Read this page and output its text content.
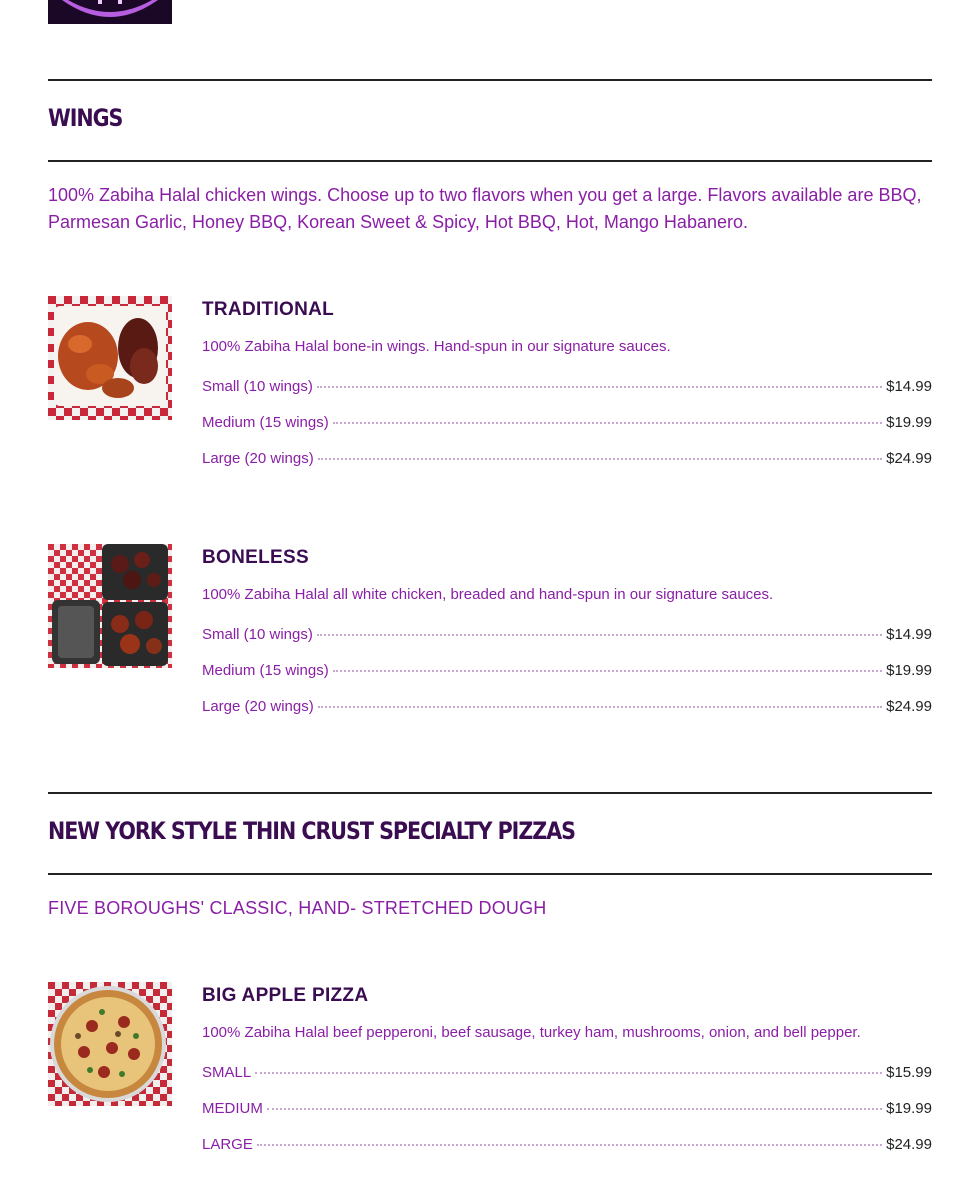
WINGS

100% Zabiha Halal chicken wings. Choose up to two flavors when you get a large. Flavors available are BBQ, Parmesan Garlic, Honey BBQ, Korean Sweet & Spicy, Hot BBQ, Hot, Mango Habanero.

TRADITIONAL

100% Zabiha Halal bone-in wings. Hand-spun in our signature sauces.

Small (10 wings)	$14.99
Medium (15 wings)	$19.99
Large (20 wings)	$24.99
BONELESS

100% Zabiha Halal all white chicken, breaded and hand-spun in our signature sauces.

Small (10 wings)	$14.99
Medium (15 wings)	$19.99
Large (20 wings)	$24.99
NEW YORK STYLE THIN CRUST SPECIALTY PIZZAS

FIVE BOROUGHS' CLASSIC, HAND- STRETCHED DOUGH

BIG APPLE PIZZA

100% Zabiha Halal beef pepperoni, beef sausage, turkey ham, mushrooms, onion, and bell pepper.

SMALL	$15.99
MEDIUM	$19.99
LARGE	$24.99
